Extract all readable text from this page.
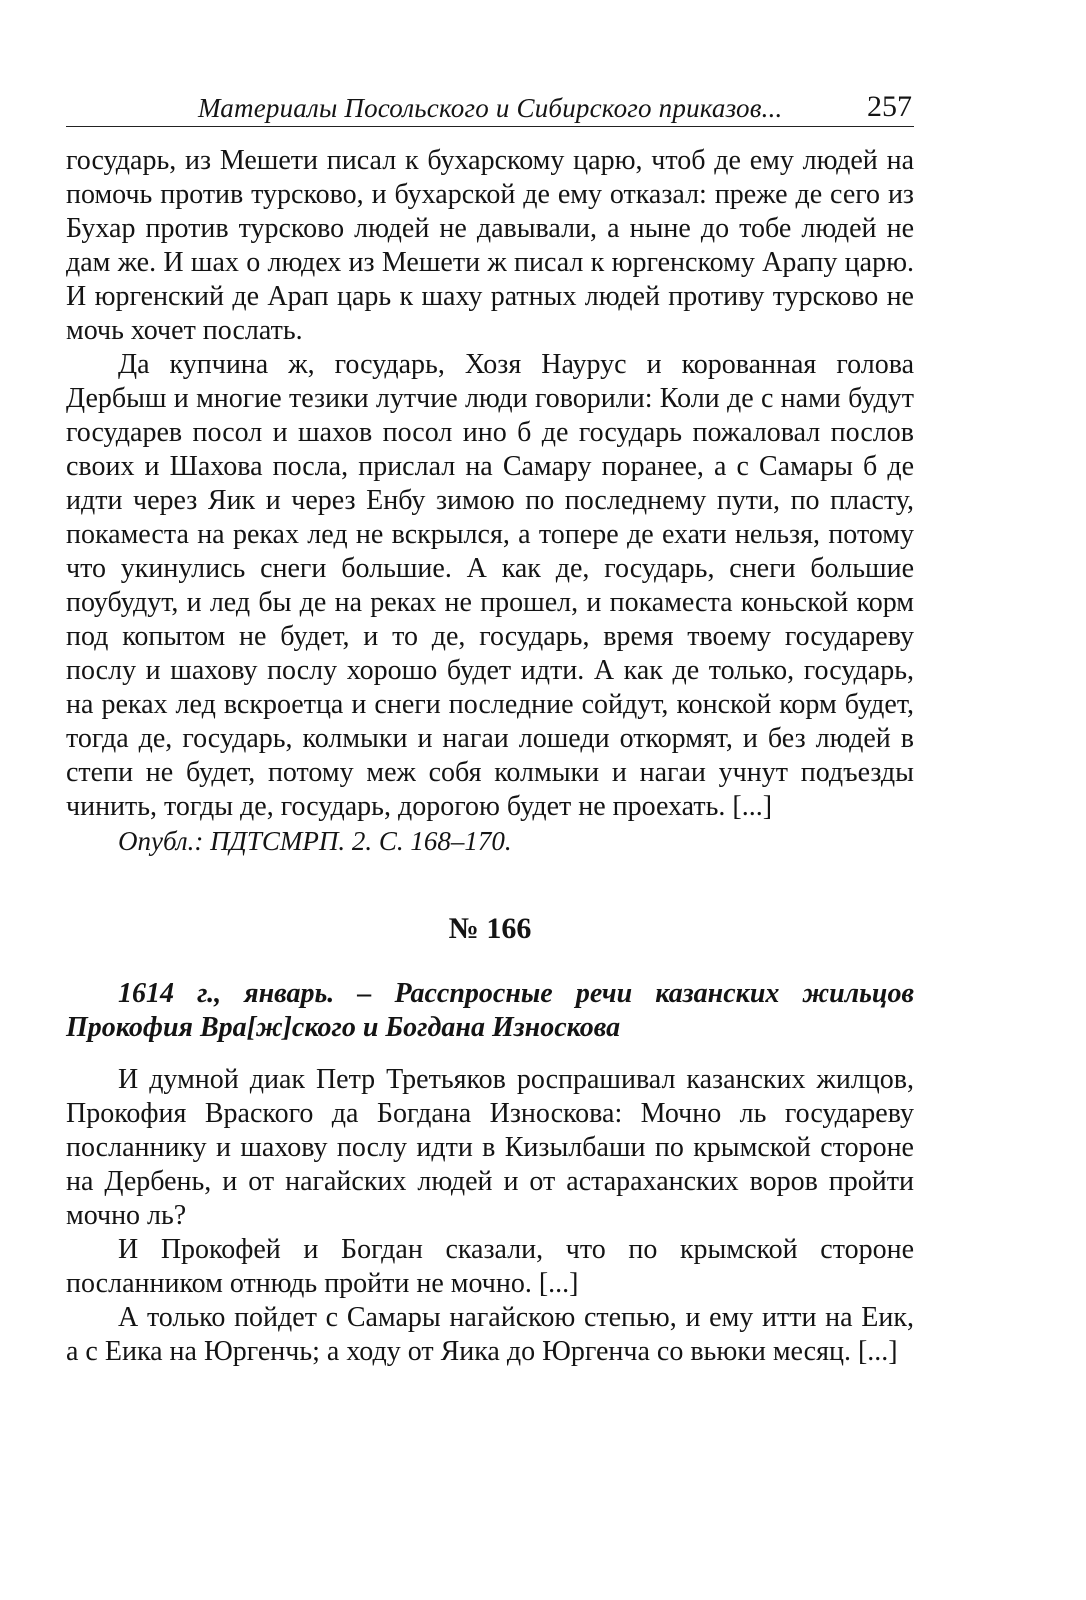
Материалы Посольского и Сибирского приказов...	257

государь, из Мешети писал к бухарскому царю, чтоб де ему людей на помочь против турсково, и бухарской де ему отказал: преже де сего из Бухар против турсково людей не давывали, а ныне до тобе людей не дам же. И шах о людех из Мешети ж писал к юргенскому Арапу царю. И юргенский де Арап царь к шаху ратных людей противу турсково не мочь хочет послать.

Да купчина ж, государь, Хозя Наурус и корованная голова Дербыш и многие тезики лутчие люди говорили: Коли де с нами будут государев посол и шахов посол ино б де государь пожаловал послов своих и Шахова посла, прислал на Самару поранее, а с Самары б де идти через Яик и через Енбу зимою по последнему пути, по пласту, покаместа на реках лед не вскрылся, а топере де ехати нельзя, потому что укинулись снеги большие. А как де, государь, снеги большие поубудут, и лед бы де на реках не прошел, и покаместа коньской корм под копытом не будет, и то де, государь, время твоему государеву послу и шахову послу хорошо будет идти. А как де только, государь, на реках лед вскроетца и снеги последние сойдут, конской корм будет, тогда де, государь, колмыки и нагаи лошеди откормят, и без людей в степи не будет, потому меж собя колмыки и нагаи учнут подъезды чинить, тогды де, государь, дорогою будет не проехать. [...]

Опубл.: ПДТСМРП. 2. С. 168–170.

№ 166
1614 г., январь. – Расспросные речи казанских жильцов Прокофия Вра[ж]ского и Богдана Износкова

И думной диак Петр Третьяков роспрашивал казанских жилцов, Прокофия Враского да Богдана Износкова: Мочно ль государеву посланнику и шахову послу идти в Кизылбаши по крымской стороне на Дербень, и от нагайских людей и от астараханских воров пройти мочно ль?

И Прокофей и Богдан сказали, что по крымской стороне посланником отнюдь пройти не мочно. [...]

А только пойдет с Самары нагайскою степью, и ему итти на Еик, а с Еика на Юргенчь; а ходу от Яика до Юргенча со вьюки месяц. [...]
